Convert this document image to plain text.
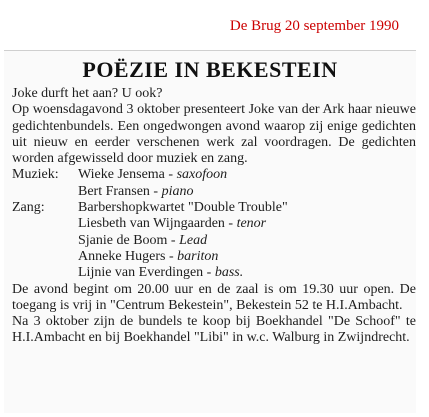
De Brug 20 september 1990
POËZIE IN BEKESTEIN

Joke durft het aan? U ook?

Op woensdagavond 3 oktober presenteert Joke van der Ark haar nieuwe gedichtenbundels. Een ongedwongen avond waarop zij enige gedichten uit nieuw en eerder verschenen werk zal voordragen. De gedichten worden afgewisseld door muziek en zang.

Muziek:	Wieke Jensema - saxofoon
Bert Fransen - piano
Zang:	Barbershopkwartet "Double Trouble"
Liesbeth van Wijngaarden - tenor
Sjanie de Boom - Lead
Anneke Hugers - bariton
Lijnie van Everdingen - bass.

De avond begint om 20.00 uur en de zaal is om 19.30 uur open. De toegang is vrij in "Centrum Bekestein", Bekestein 52 te H.I.Ambacht.

Na 3 oktober zijn de bundels te koop bij Boekhandel "De Schoof" te H.I.Ambacht en bij Boekhandel "Libi" in w.c. Walburg in Zwijndrecht.
